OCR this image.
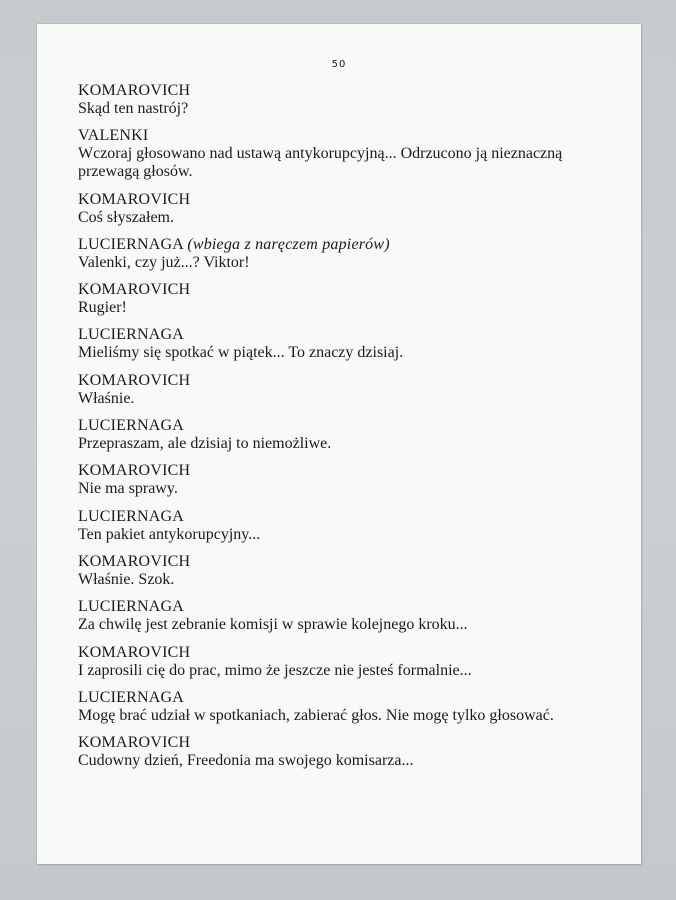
50
KOMAROVICH
Skąd ten nastrój?
VALENKI
Wczoraj głosowano nad ustawą antykorupcyjną... Odrzucono ją nieznaczną przewagą głosów.
KOMAROVICH
Coś słyszałem.
LUCIERNAGA (wbiega z naręczem papierów)
Valenki, czy już...? Viktor!
KOMAROVICH
Rugier!
LUCIERNAGA
Mieliśmy się spotkać w piątek... To znaczy dzisiaj.
KOMAROVICH
Właśnie.
LUCIERNAGA
Przepraszam, ale dzisiaj to niemożliwe.
KOMAROVICH
Nie ma sprawy.
LUCIERNAGA
Ten pakiet antykorupcyjny...
KOMAROVICH
Właśnie. Szok.
LUCIERNAGA
Za chwilę jest zebranie komisji w sprawie kolejnego kroku...
KOMAROVICH
I zaprosili cię do prac, mimo że jeszcze nie jesteś formalnie...
LUCIERNAGA
Mogę brać udział w spotkaniach, zabierać głos. Nie mogę tylko głosować.
KOMAROVICH
Cudowny dzień, Freedonia ma swojego komisarza...
